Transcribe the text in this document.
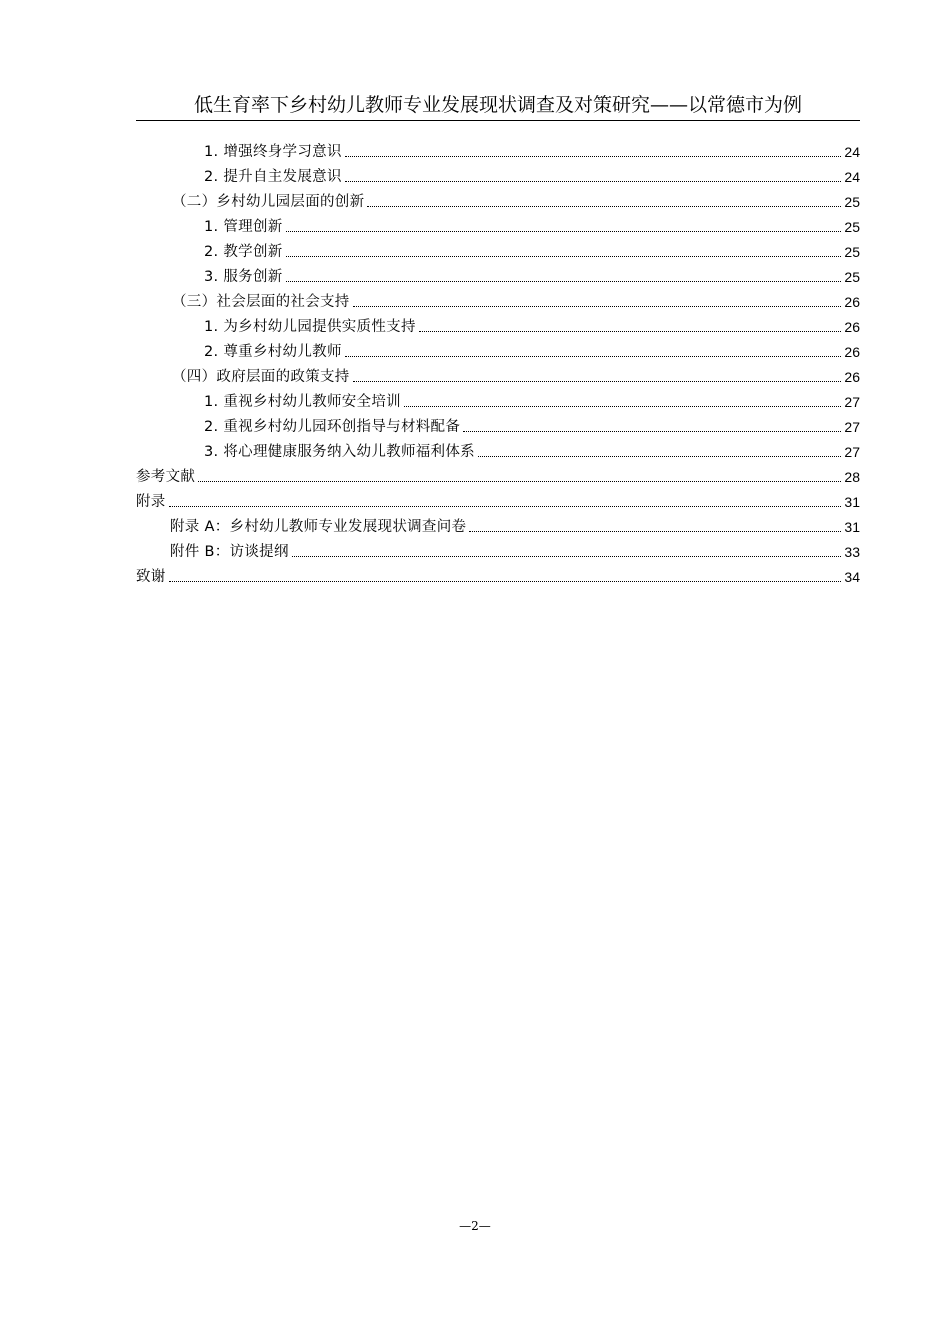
低生育率下乡村幼儿教师专业发展现状调查及对策研究——以常德市为例
1. 增强终身学习意识	24
2. 提升自主发展意识	24
（二）乡村幼儿园层面的创新	25
1. 管理创新	25
2. 教学创新	25
3. 服务创新	25
（三）社会层面的社会支持	26
1. 为乡村幼儿园提供实质性支持	26
2. 尊重乡村幼儿教师	26
（四）政府层面的政策支持	26
1. 重视乡村幼儿教师安全培训	27
2. 重视乡村幼儿园环创指导与材料配备	27
3. 将心理健康服务纳入幼儿教师福利体系	27
参考文献	28
附录	31
附录 A：乡村幼儿教师专业发展现状调查问卷	31
附件 B：访谈提纲	33
致谢	34
—2—
